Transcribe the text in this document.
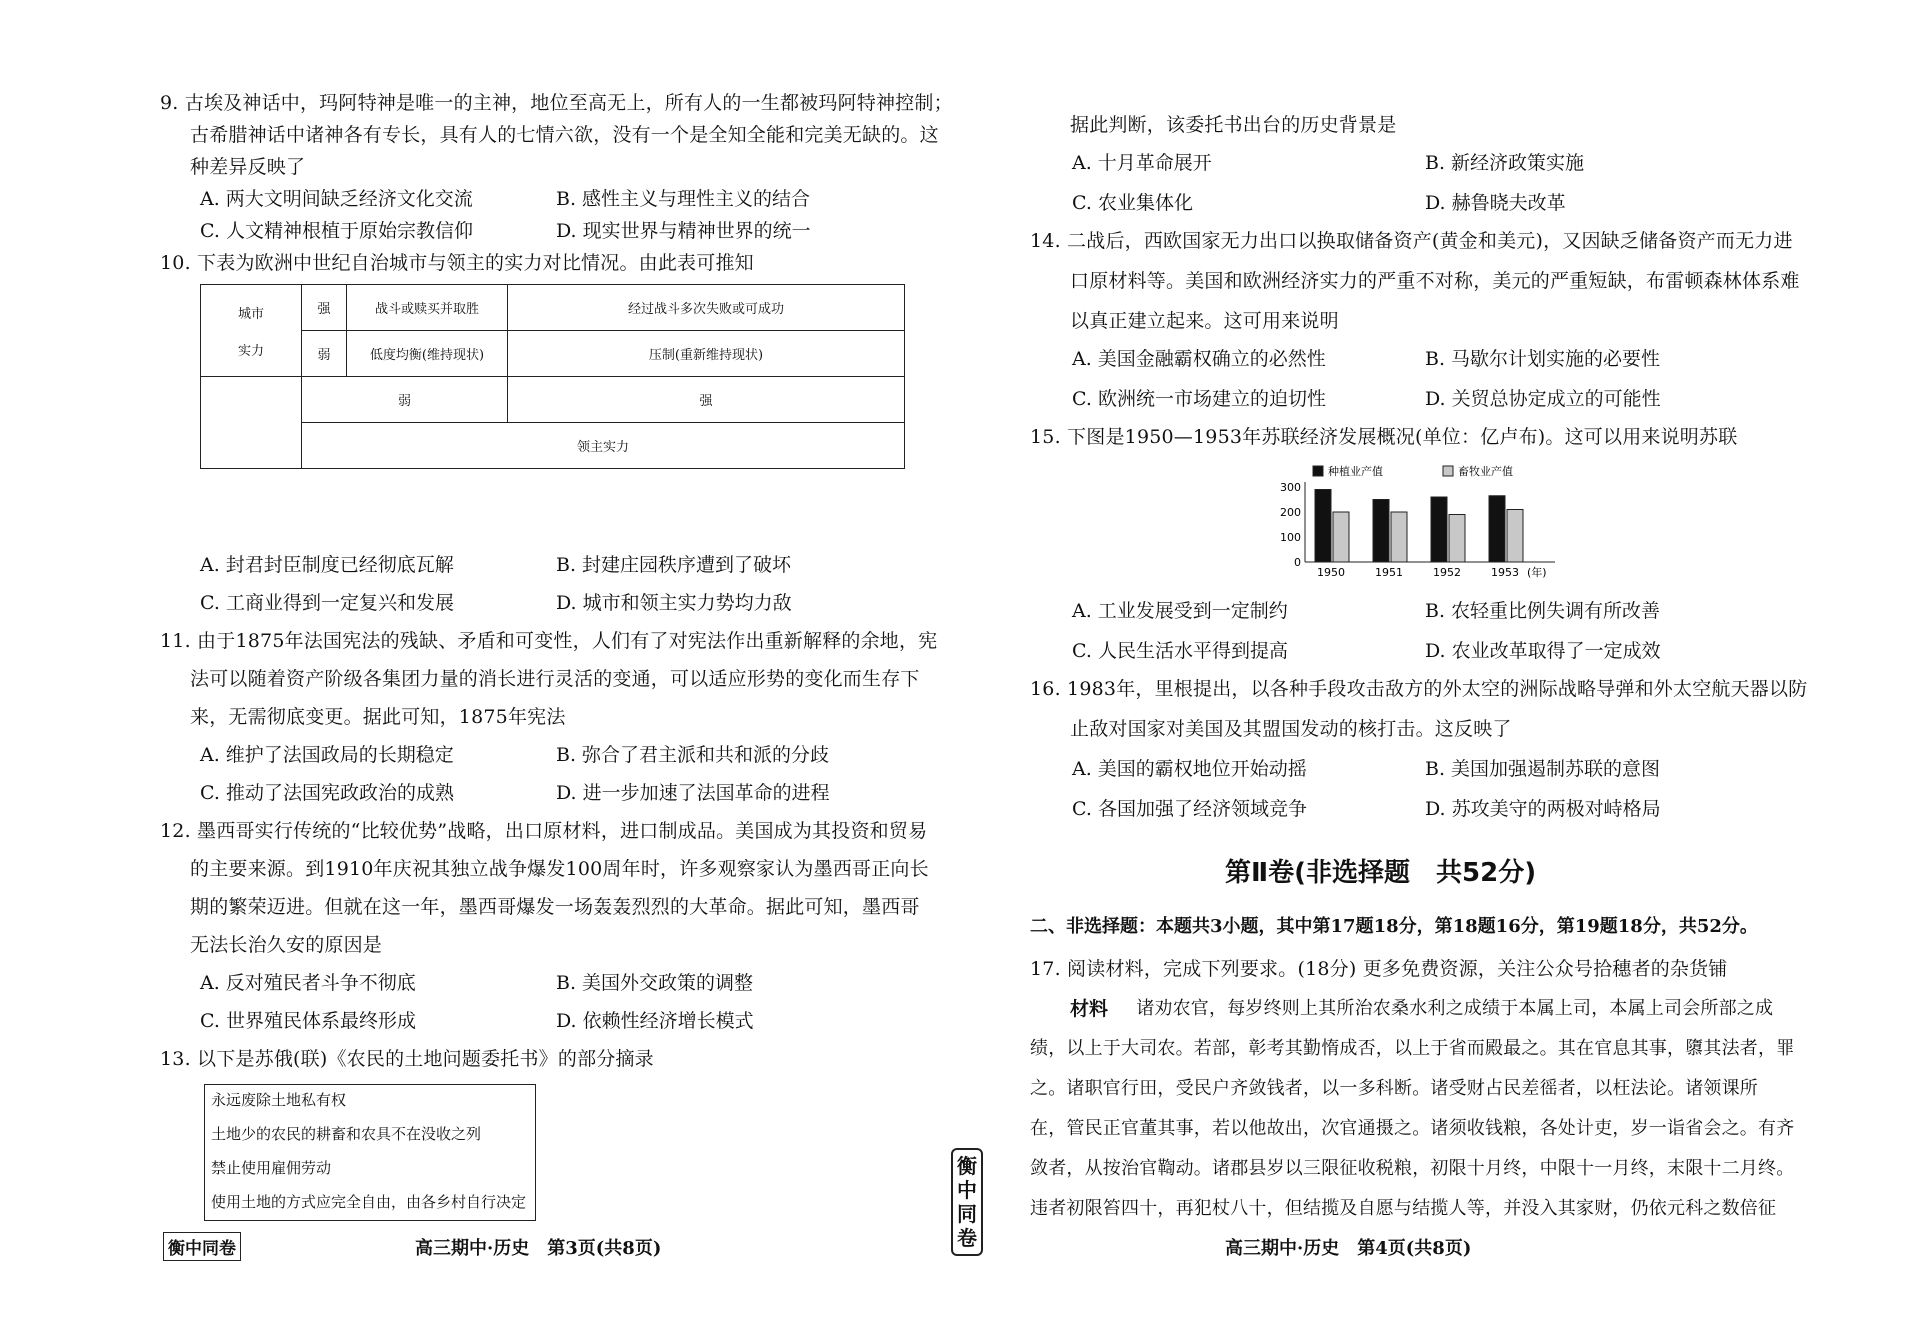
9. 古埃及神话中，玛阿特神是唯一的主神，地位至高无上，所有人的一生都被玛阿特神控制；
古希腊神话中诸神各有专长，具有人的七情六欲，没有一个是全知全能和完美无缺的。这
种差异反映了
A. 两大文明间缺乏经济文化交流	B. 感性主义与理性主义的结合
C. 人文精神根植于原始宗教信仰	D. 现实世界与精神世界的统一
10. 下表为欧洲中世纪自治城市与领主的实力对比情况。由此表可推知
城市
实力	强	战斗或赎买并取胜	经过战斗多次失败或可成功
	弱	低度均衡(维持现状)	压制(重新维持现状)
	弱		强
	领主实力		
A. 封君封臣制度已经彻底瓦解	B. 封建庄园秩序遭到了破坏
C. 工商业得到一定复兴和发展	D. 城市和领主实力势均力敌
11. 由于1875年法国宪法的残缺、矛盾和可变性，人们有了对宪法作出重新解释的余地，宪
法可以随着资产阶级各集团力量的消长进行灵活的变通，可以适应形势的变化而生存下
来，无需彻底变更。据此可知，1875年宪法
A. 维护了法国政局的长期稳定	B. 弥合了君主派和共和派的分歧
C. 推动了法国宪政政治的成熟	D. 进一步加速了法国革命的进程
12. 墨西哥实行传统的“比较优势”战略，出口原材料，进口制成品。美国成为其投资和贸易
的主要来源。到1910年庆祝其独立战争爆发100周年时，许多观察家认为墨西哥正向长
期的繁荣迈进。但就在这一年，墨西哥爆发一场轰轰烈烈的大革命。据此可知，墨西哥
无法长治久安的原因是
A. 反对殖民者斗争不彻底	B. 美国外交政策的调整
C. 世界殖民体系最终形成	D. 依赖性经济增长模式
13. 以下是苏俄(联)《农民的土地问题委托书》的部分摘录
永远废除土地私有权
土地少的农民的耕畜和农具不在没收之列
禁止使用雇佣劳动
使用土地的方式应完全自由，由各乡村自行决定
衡中同卷	高三期中·历史　第3页(共8页)
衡
中
同
卷
据此判断，该委托书出台的历史背景是
A. 十月革命展开	B. 新经济政策实施
C. 农业集体化	D. 赫鲁晓夫改革
14. 二战后，西欧国家无力出口以换取储备资产(黄金和美元)，又因缺乏储备资产而无力进
口原材料等。美国和欧洲经济实力的严重不对称，美元的严重短缺，布雷顿森林体系难
以真正建立起来。这可用来说明
A. 美国金融霸权确立的必然性	B. 马歇尔计划实施的必要性
C. 欧洲统一市场建立的迫切性	D. 关贸总协定成立的可能性
15. 下图是1950—1953年苏联经济发展概况(单位：亿卢布)。这可以用来说明苏联
种植业产值	畜牧业产值
0
100
200
300
1950	1951	1952	1953 (年)
A. 工业发展受到一定制约	B. 农轻重比例失调有所改善
C. 人民生活水平得到提高	D. 农业改革取得了一定成效
16. 1983年，里根提出，以各种手段攻击敌方的外太空的洲际战略导弹和外太空航天器以防
止敌对国家对美国及其盟国发动的核打击。这反映了
A. 美国的霸权地位开始动摇	B. 美国加强遏制苏联的意图
C. 各国加强了经济领域竞争	D. 苏攻美守的两极对峙格局
第Ⅱ卷(非选择题　共52分)
二、非选择题：本题共3小题，其中第17题18分，第18题16分，第19题18分，共52分。
17. 阅读材料，完成下列要求。(18分) 更多免费资源，关注公众号拾穗者的杂货铺
材料 　诸劝农官，每岁终则上其所治农桑水利之成绩于本属上司，本属上司会所部之成
绩，以上于大司农。若部，彰考其勤惰成否，以上于省而殿最之。其在官息其事，隳其法者，罪
之。诸职官行田，受民户齐敛钱者，以一多科断。诸受财占民差徭者，以枉法论。诸领课所
在，管民正官董其事，若以他故出，次官通摄之。诸须收钱粮，各处计吏，岁一诣省会之。有齐
敛者，从按治官鞫动。诸郡县岁以三限征收税粮，初限十月终，中限十一月终，末限十二月终。
违者初限笞四十，再犯杖八十，但结揽及自愿与结揽人等，并没入其家财，仍依元科之数倍征
高三期中·历史　第4页(共8页)
